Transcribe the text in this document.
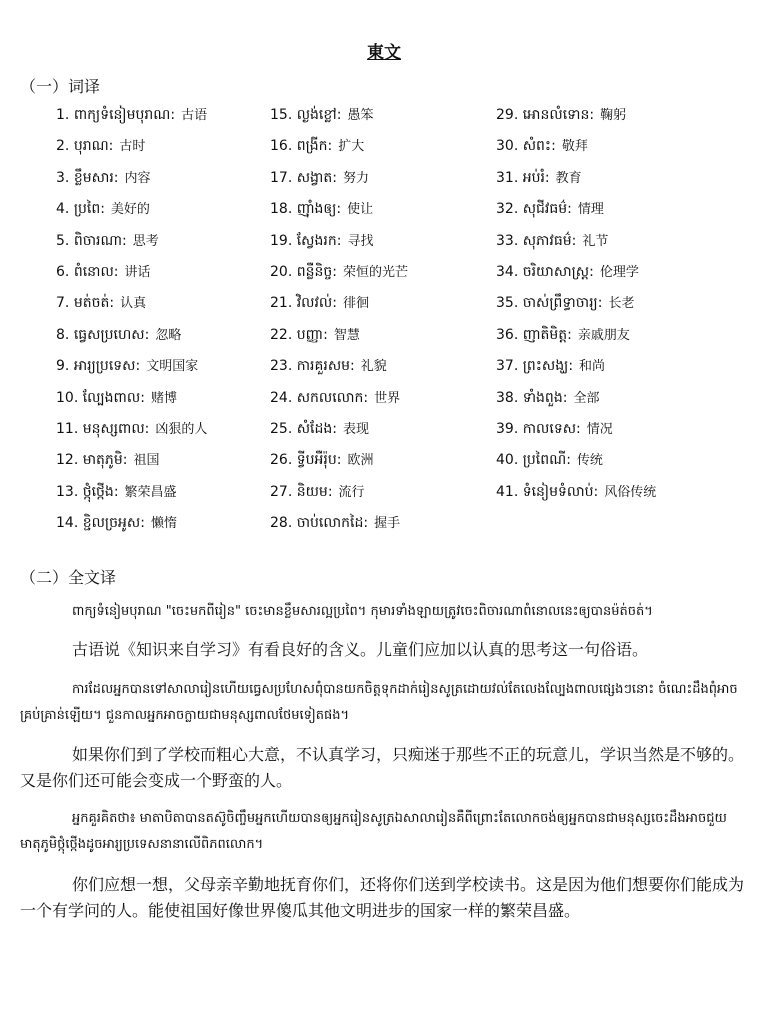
東文
（一）词译
1. ពាក្យទំនៀមបុរាណ: 古语
2. បុរាណ: 古时
3. ខ្លឹមសារ: 内容
4. ប្រពៃ: 美好的
5. ពិចារណា: 思考
6. ពំនោល: 讲话
7. មត់ចត់: 认真
8. ធ្វេសប្រហេស: 忽略
9. អារ្យប្រទេស: 文明国家
10. ល្បែងពាល: 赌博
11. មនុស្សពាល: 凶狠的人
12. មាតុភូមិ: 祖国
13. ថ្កុំថ្កើង: 繁荣昌盛
14. ខ្ជិលច្រអូស: 懒惰
15. ល្ងង់ខ្លៅ: 愚笨
16. ពង្រីក: 扩大
17. សង្វាត: 努力
18. ញ៉ាំងឲ្យ: 使让
19. ស្វែងរក: 寻找
20. ពន្លឺនិច្ច: 荣恒的光芒
21. វិលវល់: 徘徊
22. បញ្ញា: 智慧
23. ការគួរសម: 礼貌
24. សកលលោក: 世界
25. សំដែង: 表现
26. ទ្វីបអឺរ៉ុប: 欧洲
27. និយម: 流行
28. ចាប់លោកដៃ: 握手
29. អោនលំទោន: 鞠躬
30. សំពះ: 敬拜
31. អប់រំ: 教育
32. សុជីវធម៌: 情理
33. សុភាវធម៌: 礼节
34. ចរិយាសាស្ត្រ: 伦理学
35. ចាស់ព្រឹទ្ធាចារ្យ: 长老
36. ញាតិមិត្ត: 亲戚朋友
37. ព្រះសង្ឃ: 和尚
38. ទាំងពួង: 全部
39. កាលទេស: 情况
40. ប្រពៃណី: 传统
41. ទំនៀមទំលាប់: 风俗传统
（二）全文译

ពាក្យទំនៀមបុរាណ "ចេះមកពីរៀន" ចេះមានខ្លឹមសារល្អប្រពៃ។ កុមារទាំងឡាយត្រូវចេះពិចារណាពំនោលនេះឲ្យបានម៉ត់ចត់។

古语说《知识来自学习》有看良好的含义。儿童们应加以认真的思考这一句俗语。

ការដែលអ្នកបានទៅសាលារៀនហើយធ្វេសប្រហែសពុំបានយកចិត្តទុកដាក់រៀនសូត្រដោយវល់តែលេងល្បែងពាលផ្សេងៗនោះ ចំណេះដឹងពុំអាចគ្រប់គ្រាន់ឡើយ។ ជួនកាលអ្នកអាចក្លាយជាមនុស្សពាលថែមទៀតផង។

如果你们到了学校而粗心大意，不认真学习，只痴迷于那些不正的玩意儿，学识当然是不够的。又是你们还可能会变成一个野蛮的人。

អ្នកគួរគិតថា៖ មាតាបិតាបានតស៊ូចិញ្ចឹមអ្នកហើយបានឲ្យអ្នករៀនសូត្រឯសាលារៀនគឺពីព្រោះតែលោកចង់ឲ្យអ្នកបានជាមនុស្សចេះដឹងអាចជួយមាតុភូមិថ្កុំថ្កើងដូចអារ្យប្រទេសនានាលើពិភពលោក។

你们应想一想，父母亲辛勤地抚育你们，还将你们送到学校读书。这是因为他们想要你们能成为一个有学问的人。能使祖国好像世界傻瓜其他文明进步的国家一样的繁荣昌盛。
